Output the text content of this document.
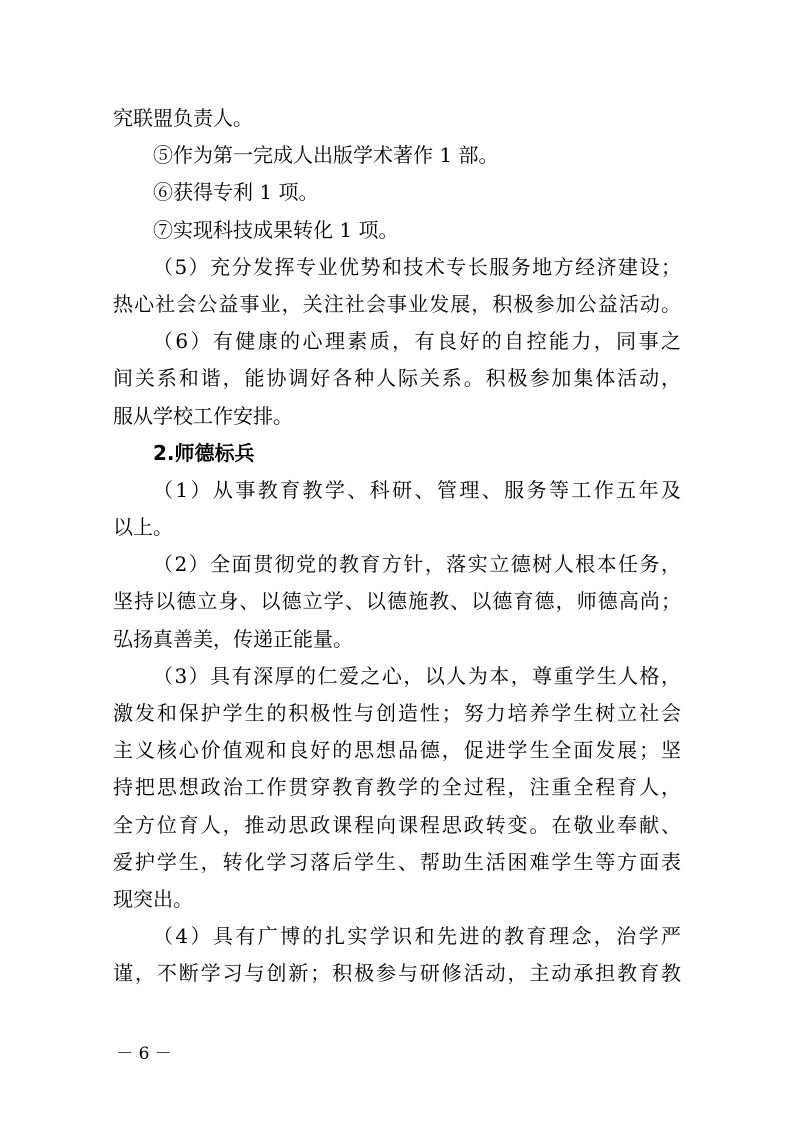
究联盟负责人。
⑤作为第一完成人出版学术著作 1 部。
⑥获得专利 1 项。
⑦实现科技成果转化 1 项。
（5）充分发挥专业优势和技术专长服务地方经济建设；
热心社会公益事业，关注社会事业发展，积极参加公益活动。
（6）有健康的心理素质，有良好的自控能力，同事之
间关系和谐，能协调好各种人际关系。积极参加集体活动，
服从学校工作安排。
2.师德标兵
（1）从事教育教学、科研、管理、服务等工作五年及
以上。
（2）全面贯彻党的教育方针，落实立德树人根本任务，
坚持以德立身、以德立学、以德施教、以德育德，师德高尚；
弘扬真善美，传递正能量。
（3）具有深厚的仁爱之心，以人为本，尊重学生人格，
激发和保护学生的积极性与创造性；努力培养学生树立社会
主义核心价值观和良好的思想品德，促进学生全面发展；坚
持把思想政治工作贯穿教育教学的全过程，注重全程育人，
全方位育人，推动思政课程向课程思政转变。在敬业奉献、
爱护学生，转化学习落后学生、帮助生活困难学生等方面表
现突出。
（4）具有广博的扎实学识和先进的教育理念，治学严
谨，不断学习与创新；积极参与研修活动，主动承担教育教
－ 6 －
